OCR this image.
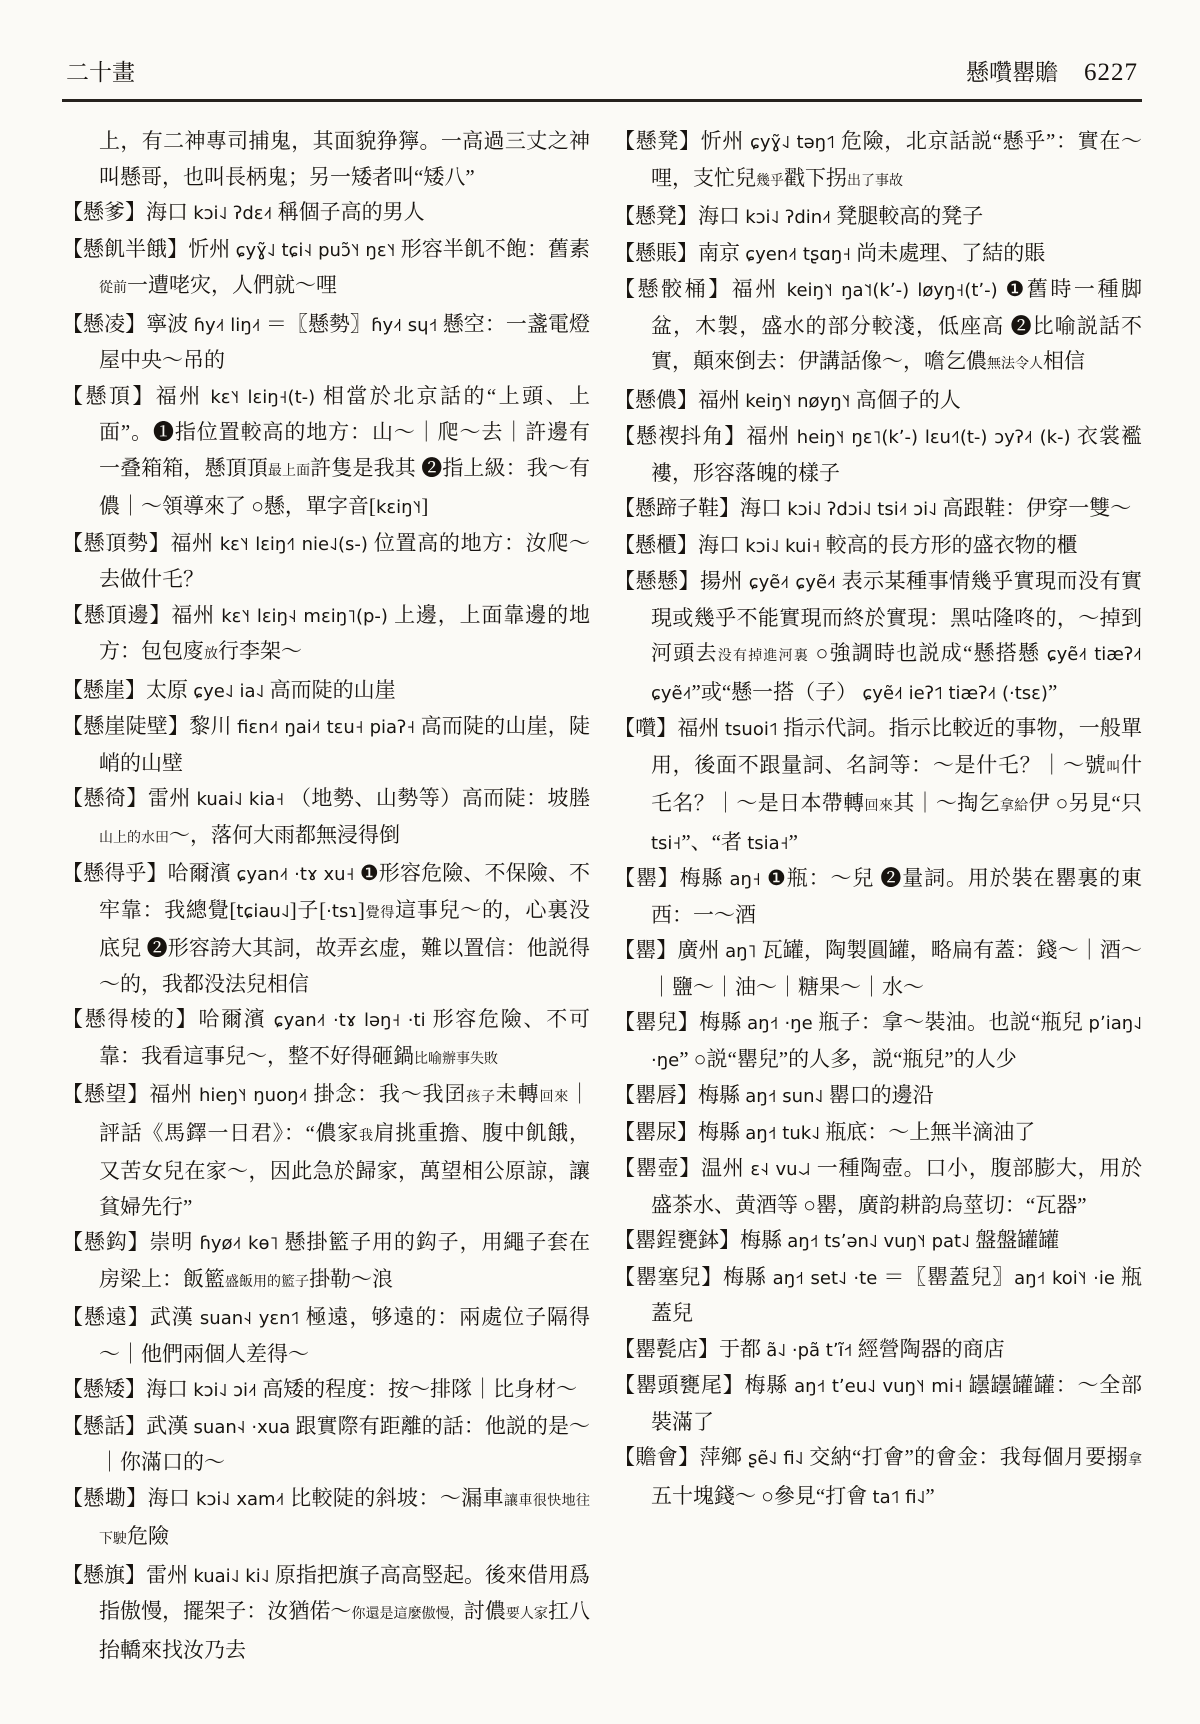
二十畫	懸囋罌贍 6227
上，有二神專司捕鬼，其面貌狰獰。一高過三丈之神叫懸哥，也叫長柄鬼；另一矮者叫“矮八”
【懸爹】海口 kɔi˨˩ ʔdɛ˨˦ 稱個子高的男人
【懸飢半餓】忻州 ɕyɣ̃˨˩ tɕi˧˨ puɔ̃˥˧ ŋɛ˥˧ 形容半飢不飽：舊素從前一遭咾灾，人們就～哩
【懸凌】寧波 ɦy˨˦ liŋ˨˦ ＝〖懸勢〗ɦy˨˦ sɥ˧˦ 懸空：一盞電燈屋中央～吊的
【懸頂】福州 kɛ˥˧ lɛiŋ˧(t-) 相當於北京話的“上頭、上面”。❶指位置較高的地方：山～｜爬～去｜許邊有一叠箱箱，懸頂頂最上面許隻是我其 ❷指上級：我～有儂｜～領導來了 ○懸，單字音[kɛiŋ˥˧]
【懸頂勢】福州 kɛ˥˧ lɛiŋ˧˥ nie˨˩(s-) 位置高的地方：汝爬～去做什乇？
【懸頂邊】福州 kɛ˥˧ lɛiŋ˧˨ mɛiŋ˥(p-) 上邊，上面靠邊的地方：包包廀放行李架～
【懸崖】太原 ɕye˨˩ ia˨˩ 高而陡的山崖
【懸崖陡壁】黎川 fiɛn˨˦ ŋai˨˦ tɛu˧ piaʔ˧ 高而陡的山崖，陡峭的山壁
【懸徛】雷州 kuai˨˩ kia˧ （地勢、山勢等）高而陡：坡塍山上的水田～，落何大雨都無浸得倒
【懸得乎】哈爾濱 ɕyan˨˦ ·tɤ xu˧ ❶形容危險、不保險、不牢靠：我總覺[tɕiau˨˩]子[·tsɿ]覺得這事兒～的，心裏没底兒 ❷形容誇大其詞，故弄玄虚，難以置信：他説得～的，我都没法兒相信
【懸得棱的】哈爾濱 ɕyan˨˦ ·tɤ ləŋ˧ ·ti 形容危險、不可靠：我看這事兒～，整不好得砸鍋比喻辦事失敗
【懸望】福州 hieŋ˥˧ ŋuoŋ˨˦ 掛念：我～我囝孩子未轉回來｜評話《馬鐸一日君》：“儂家我肩挑重擔、腹中飢餓，又苦女兒在家～，因此急於歸家，萬望相公原諒，讓貧婦先行”
【懸鈎】崇明 ɦyø˨˦ kɵ˥ 懸掛籃子用的鈎子，用繩子套在房梁上：飯籃盛飯用的籃子掛勒～浪
【懸遠】武漢 suan˧˨ yɛn˦˥ 極遠，够遠的：兩處位子隔得～｜他們兩個人差得～
【懸矮】海口 kɔi˨˩ ɔi˨˦ 高矮的程度：按～排隊｜比身材～
【懸話】武漢 suan˧˨ ·xua 跟實際有距離的話：他説的是～｜你滿口的～
【懸墈】海口 kɔi˨˩ xam˨˦ 比較陡的斜坡：～漏車讓車很快地往下駛危險
【懸旗】雷州 kuai˨˩ ki˨˩ 原指把旗子高高竪起。後來借用爲指傲慢，擺架子：汝猶偌～你還是這麼傲慢，討儂要人家扛八抬轎來找汝乃去
【懸凳】忻州 ɕyɣ̃˨˩ təŋ˦˥ 危險，北京話説“懸乎”：實在～哩，支忙兒幾乎戳下拐出了事故
【懸凳】海口 kɔi˨˩ ʔdin˨˦ 凳腿較高的凳子
【懸賬】南京 ɕyen˨˦ tʂɑŋ˧ 尚未處理、了結的賬
【懸骹桶】福州 keiŋ˥˧ ŋa˥˦(kʼ-) løyŋ˧(tʼ-) ❶舊時一種脚盆，木製，盛水的部分較淺，低座高 ❷比喻説話不實，顛來倒去：伊講話像～，噡乞儂無法令人相信
【懸儂】福州 keiŋ˥˧ nøyŋ˥˧ 高個子的人
【懸禊抖角】福州 heiŋ˥˧ ŋɛ˥(kʼ-) lɛu˧˥(t-) ɔyʔ˨˦ (k-) 衣裳襤褸，形容落魄的樣子
【懸蹄子鞋】海口 kɔi˨˩ ʔdɔi˨˩ tsi˨˦ ɔi˨˩ 高跟鞋：伊穿一雙～
【懸櫃】海口 kɔi˨˩ kui˧ 較高的長方形的盛衣物的櫃
【懸懸】揚州 ɕyẽ˨˦ ɕyẽ˨˦ 表示某種事情幾乎實現而没有實現或幾乎不能實現而終於實現：黑咕隆咚的，～掉到河頭去没有掉進河裏 ○強調時也説成“懸搭懸 ɕyẽ˨˦ tiæʔ˨˦ ɕyẽ˨˦”或“懸一搭（子） ɕyẽ˨˦ ieʔ˦˥ tiæʔ˨˦ (·tsɛ)”
【囋】福州 tsuoi˦˥ 指示代詞。指示比較近的事物，一般單用，後面不跟量詞、名詞等：～是什乇？｜～號叫什乇名？｜～是日本帶轉回來其｜～掏乞拿給伊 ○另見“只 tsi˧”、“者 tsia˧”
【罌】梅縣 aŋ˧ ❶瓶：～兒 ❷量詞。用於裝在罌裏的東西：一～酒
【罌】廣州 aŋ˥ 瓦罐，陶製圓罐，略扁有蓋：錢～｜酒～｜鹽～｜油～｜糖果～｜水～
【罌兒】梅縣 aŋ˧˦ ·ŋe 瓶子：拿～裝油。也説“瓶兒 pʼiaŋ˨˩ ·ŋe” ○説“罌兒”的人多，説“瓶兒”的人少
【罌唇】梅縣 aŋ˧˦ sun˨˩ 罌口的邊沿
【罌尿】梅縣 aŋ˧˦ tuk˨˩ 瓶底：～上無半滴油了
【罌壺】温州 ɛ˧˨ vu˨˩˨ 一種陶壺。口小，腹部膨大，用於盛茶水、黄酒等 ○罌，廣韵耕韵烏莖切：“瓦器”
【罌鋥甕鉢】梅縣 aŋ˧˦ tsʼən˨˩ vuŋ˥˧ pat˨˩ 盤盤罐罐
【罌塞兒】梅縣 aŋ˧˦ set˨˩ ·te ＝〖罌蓋兒〗aŋ˧˦ koi˥˧ ·ie 瓶蓋兒
【罌甏店】于都 ã˨˩ ·pã tʼĩ˧˦ 經營陶器的商店
【罌頭甕尾】梅縣 aŋ˧˦ tʼeu˨˩ vuŋ˥˧ mi˧ 罎罎罐罐：～全部裝滿了
【贍會】萍鄉 ʂẽ˨˩ fi˨˩ 交納“打會”的會金：我每個月要搦拿五十塊錢～ ○參見“打會 ta˦˥ fi˨˩”
